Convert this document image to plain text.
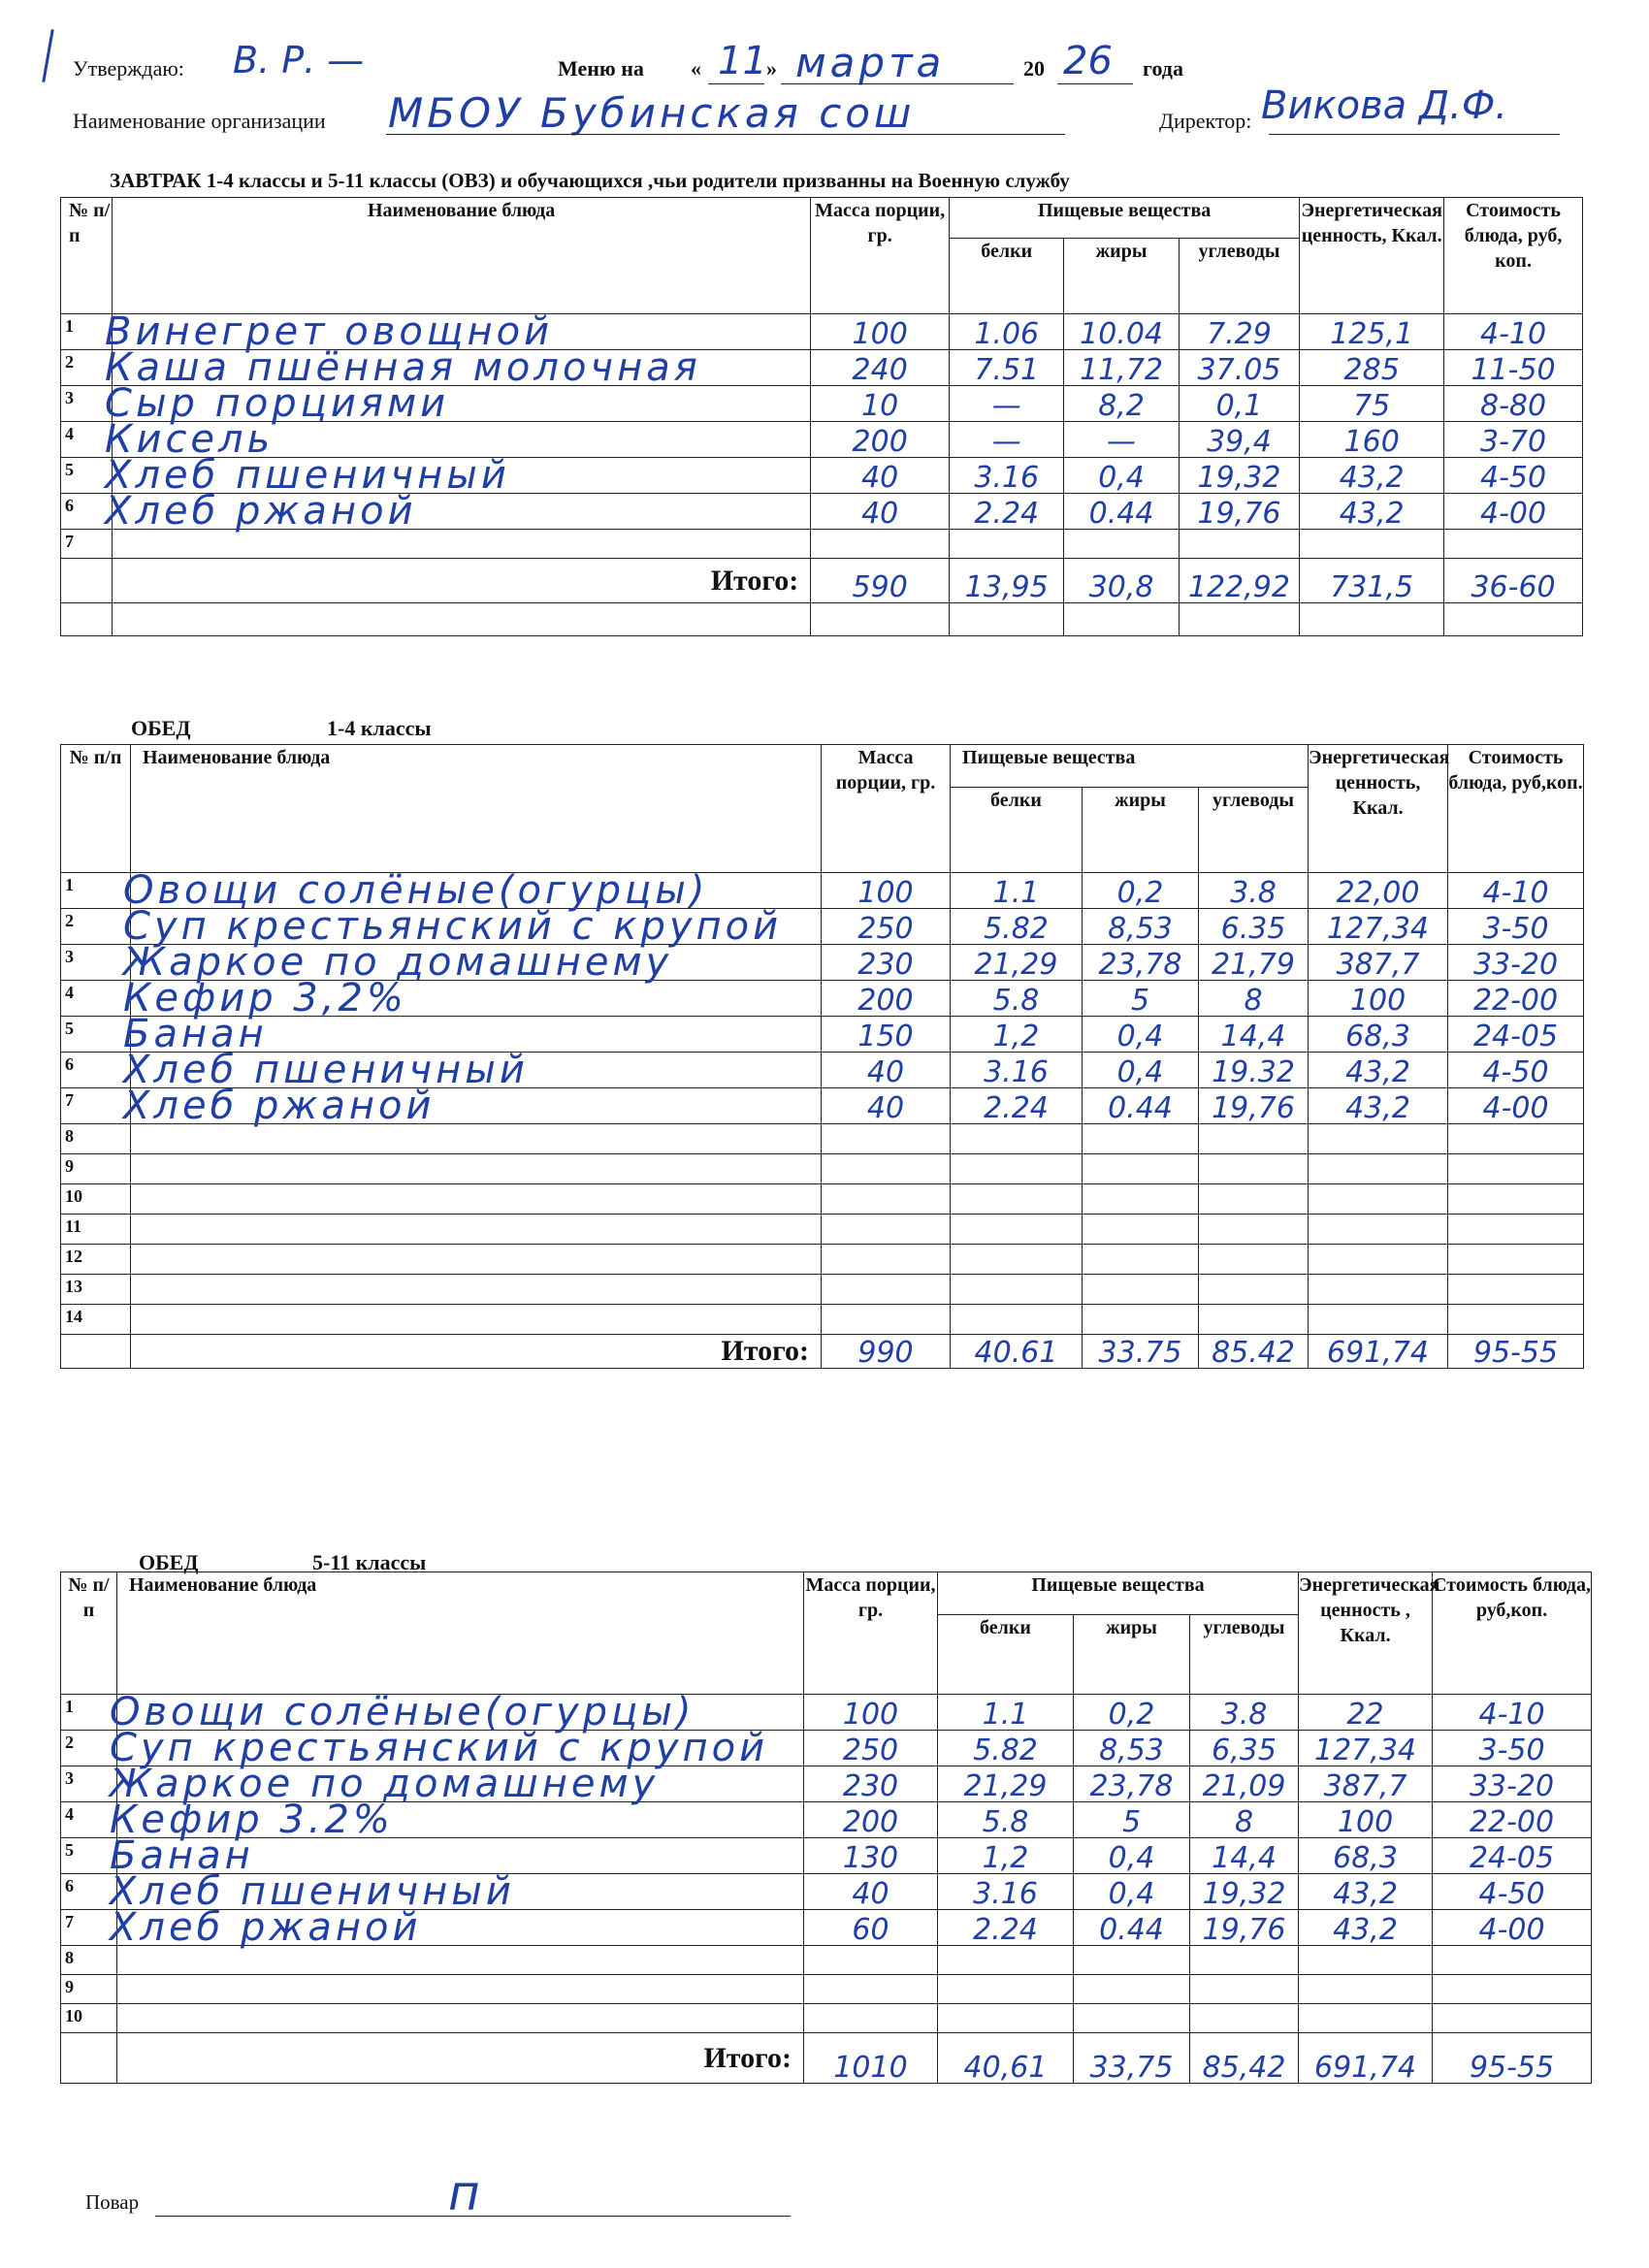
Утверждаю: В. Р. —	Меню на « 11 » марта	20 26 года
Наименование организации МБОУ Бубинская сош	Директор: Викова Д.Ф.
ЗАВТРАК 1-4 классы и 5-11 классы (ОВЗ) и обучающихся ,чьи родители призванны на Военную службу
№ п/п	Наименование блюда	Масса порции, гр.	Пищевые вещества			Энергетическая ценность, Ккал.	Стоимость блюда, руб, коп.
			белки	жиры	углеводы		
1	Винегрет овощной	100	1.06	10.04	7.29	125,1	4-10
2	Каша пшённая молочная	240	7.51	11,72	37.05	285	11-50
3	Сыр порциями	10	—	8,2	0,1	75	8-80
4	Кисель	200	—	—	39,4	160	3-70
5	Хлеб пшеничный	40	3.16	0,4	19,32	43,2	4-50
6	Хлеб ржаной	40	2.24	0.44	19,76	43,2	4-00
7							
	Итого:	590	13,95	30,8	122,92	731,5	36-60

ОБЕД	1-4 классы
№ п/п	Наименование блюда	Масса порции, гр.	Пищевые вещества			Энергетическая ценность, Ккал.	Стоимость блюда, руб,коп.
			белки	жиры	углеводы		
1	Овощи солёные(огурцы)	100	1.1	0,2	3.8	22,00	4-10
2	Суп крестьянский с крупой	250	5.82	8,53	6.35	127,34	3-50
3	Жаркое по домашнему	230	21,29	23,78	21,79	387,7	33-20
4	Кефир 3,2%	200	5.8	5	8	100	22-00
5	Банан	150	1,2	0,4	14,4	68,3	24-05
6	Хлеб пшеничный	40	3.16	0,4	19.32	43,2	4-50
7	Хлеб ржаной	40	2.24	0.44	19,76	43,2	4-00
8							
9							
10							
11							
12							
13							
14							
	Итого:	990	40.61	33.75	85.42	691,74	95-55
ОБЕД	5-11 классы
№ п/ п	Наименование блюда	Масса порции, гр.	Пищевые вещества			Энергетическая ценность , Ккал.	Стоимость блюда, руб,коп.
			белки	жиры	углеводы		
1	Овощи солёные(огурцы)	100	1.1	0,2	3.8	22	4-10
2	Суп крестьянский с крупой	250	5.82	8,53	6,35	127,34	3-50
3	Жаркое по домашнему	230	21,29	23,78	21,09	387,7	33-20
4	Кефир 3.2%	200	5.8	5	8	100	22-00
5	Банан	130	1,2	0,4	14,4	68,3	24-05
6	Хлеб пшеничный	40	3.16	0,4	19,32	43,2	4-50
7	Хлеб ржаной	60	2.24	0.44	19,76	43,2	4-00
8							
9							
10							
	Итого:	1010	40,61	33,75	85,42	691,74	95-55
Повар	п
